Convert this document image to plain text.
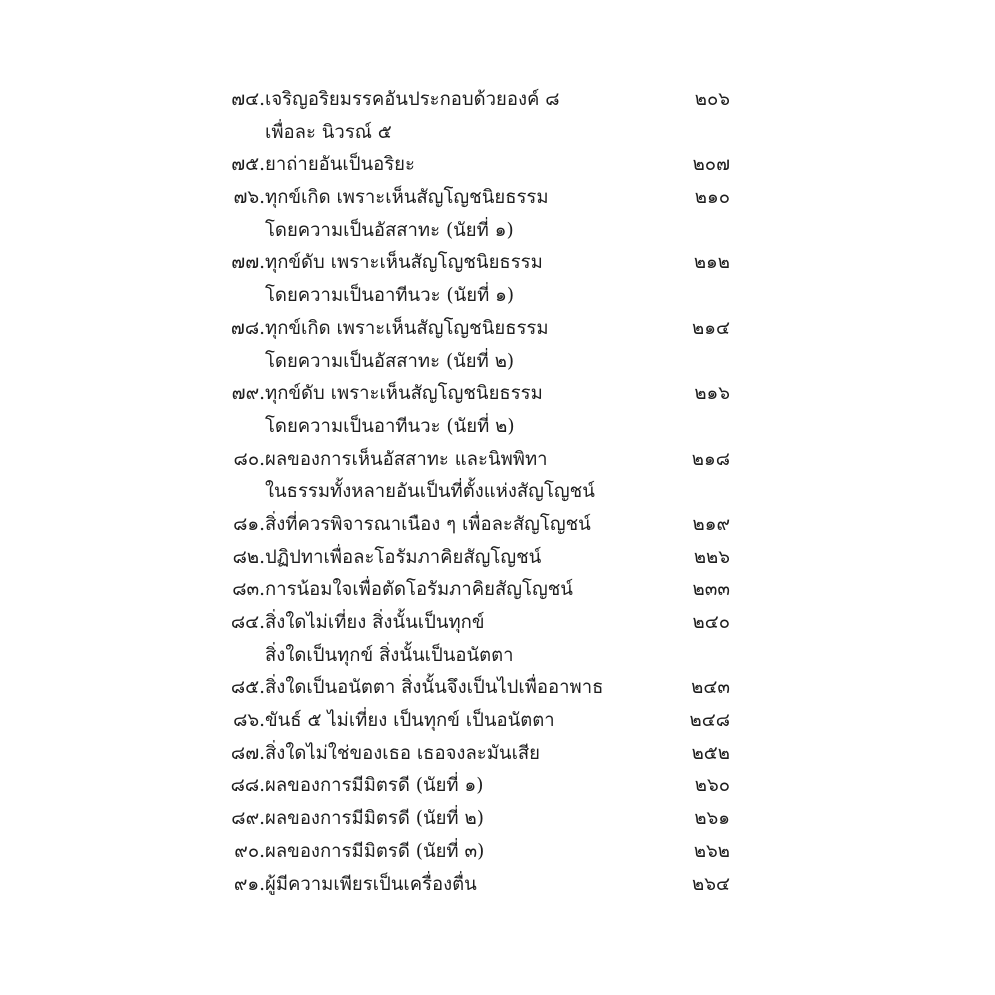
๗๔. เจริญอริยมรรคอันประกอบด้วยองค์ ๘	๒๐๖
เพื่อละ นิวรณ์ ๕
๗๕. ยาถ่ายอันเป็นอริยะ	๒๐๗
๗๖. ทุกข์เกิด เพราะเห็นสัญโญชนิยธรรม	๒๑๐
โดยความเป็นอัสสาทะ (นัยที่ ๑)
๗๗. ทุกข์ดับ เพราะเห็นสัญโญชนิยธรรม	๒๑๒
โดยความเป็นอาทีนวะ (นัยที่ ๑)
๗๘. ทุกข์เกิด เพราะเห็นสัญโญชนิยธรรม	๒๑๔
โดยความเป็นอัสสาทะ (นัยที่ ๒)
๗๙. ทุกข์ดับ เพราะเห็นสัญโญชนิยธรรม	๒๑๖
โดยความเป็นอาทีนวะ (นัยที่ ๒)
๘๐. ผลของการเห็นอัสสาทะ และนิพพิทา	๒๑๘
ในธรรมทั้งหลายอันเป็นที่ตั้งแห่งสัญโญชน์
๘๑. สิ่งที่ควรพิจารณาเนือง ๆ เพื่อละสัญโญชน์	๒๑๙
๘๒. ปฏิปทาเพื่อละโอรัมภาคิยสัญโญชน์	๒๒๖
๘๓. การน้อมใจเพื่อตัดโอรัมภาคิยสัญโญชน์	๒๓๓
๘๔. สิ่งใดไม่เที่ยง สิ่งนั้นเป็นทุกข์	๒๔๐
สิ่งใดเป็นทุกข์ สิ่งนั้นเป็นอนัตตา
๘๕. สิ่งใดเป็นอนัตตา สิ่งนั้นจึงเป็นไปเพื่ออาพาธ	๒๔๓
๘๖. ขันธ์ ๕ ไม่เที่ยง เป็นทุกข์ เป็นอนัตตา	๒๔๘
๘๗. สิ่งใดไม่ใช่ของเธอ เธอจงละมันเสีย	๒๕๒
๘๘. ผลของการมีมิตรดี (นัยที่ ๑)	๒๖๐
๘๙. ผลของการมีมิตรดี (นัยที่ ๒)	๒๖๑
๙๐. ผลของการมีมิตรดี (นัยที่ ๓)	๒๖๒
๙๑. ผู้มีความเพียรเป็นเครื่องตื่น	๒๖๔
